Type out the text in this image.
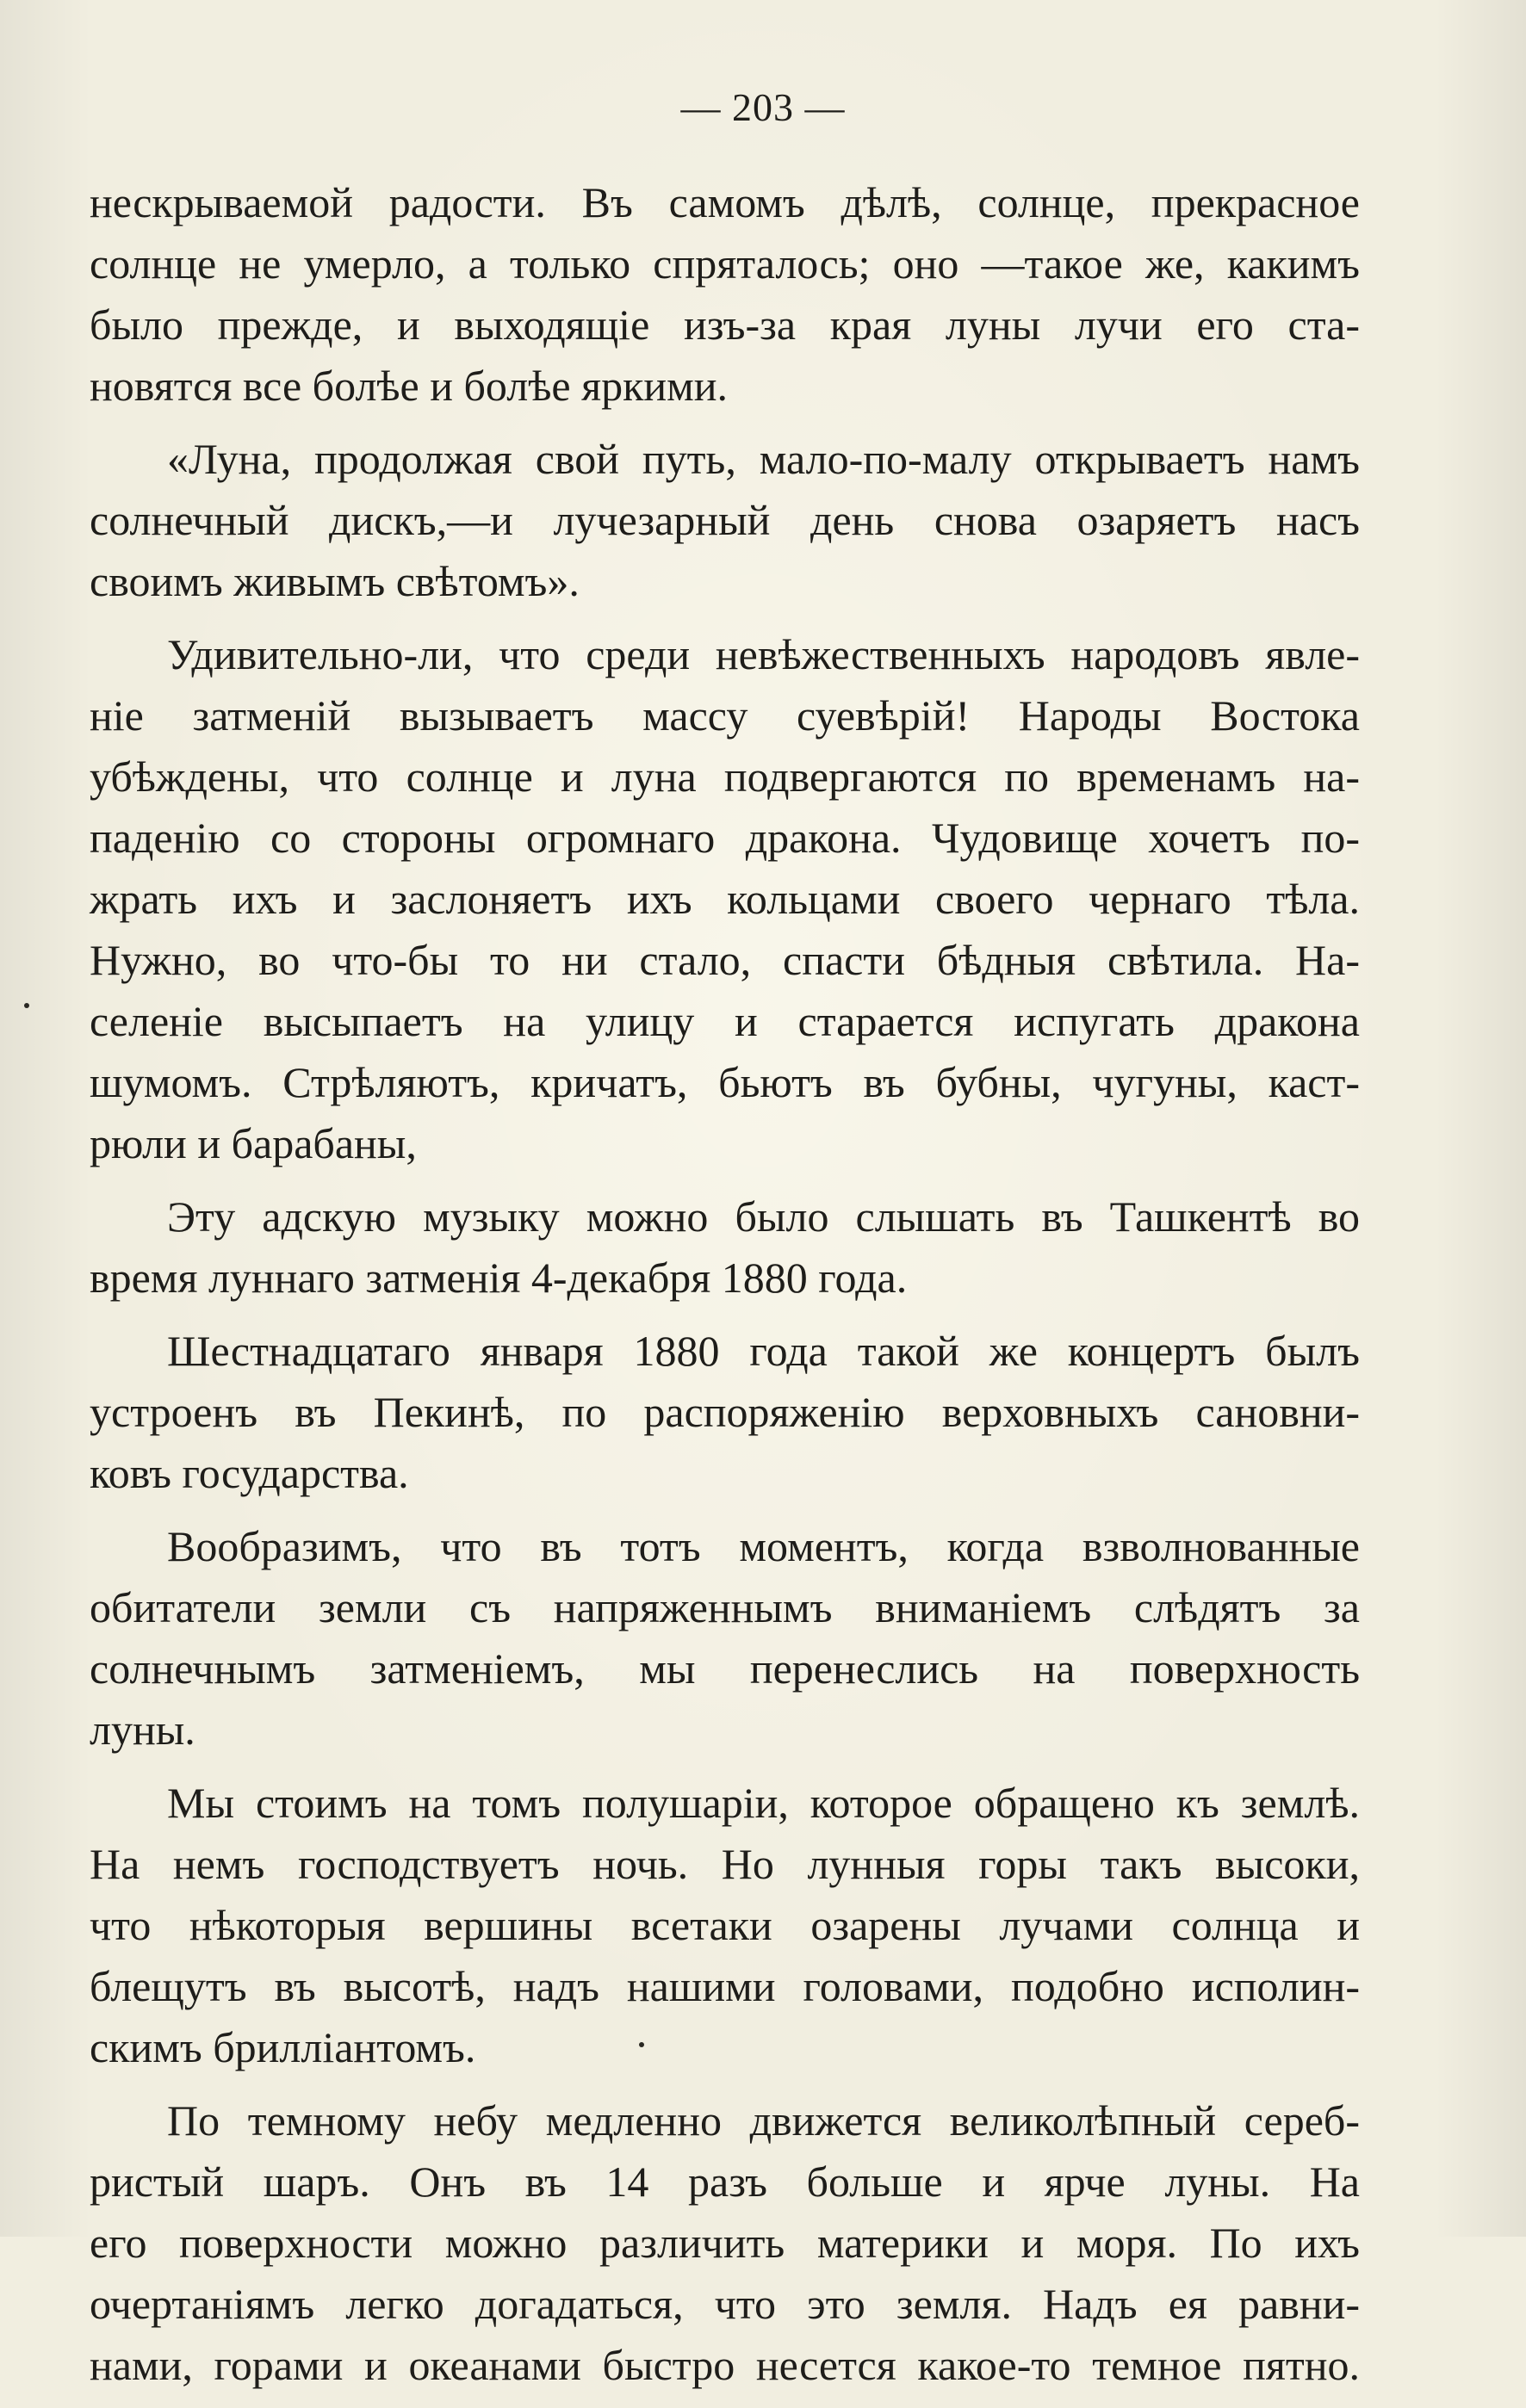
— 203 —
нескрываемой радости. Въ самомъ дѣлѣ, солнце, прекрасное
солнце не умерло, а только спряталось; оно —такое же, какимъ
было прежде, и выходящіе изъ-за края луны лучи его ста-
новятся все болѣе и болѣе яркими.
«Луна, продолжая свой путь, мало-по-малу открываетъ намъ
солнечный дискъ,—и лучезарный день снова озаряетъ насъ
своимъ живымъ свѣтомъ».
Удивительно-ли, что среди невѣжественныхъ народовъ явле-
ніе затменій вызываетъ массу суевѣрій! Народы Востока
убѣждены, что солнце и луна подвергаются по временамъ на-
паденію со стороны огромнаго дракона. Чудовище хочетъ по-
жрать ихъ и заслоняетъ ихъ кольцами своего чернаго тѣла.
Нужно, во что-бы то ни стало, спасти бѣдныя свѣтила. На-
селеніе высыпаетъ на улицу и старается испугать дракона
шумомъ. Стрѣляютъ, кричатъ, бьютъ въ бубны, чугуны, каст-
рюли и барабаны,
Эту адскую музыку можно было слышать въ Ташкентѣ во
время луннаго затменія 4-декабря 1880 года.
Шестнадцатаго января 1880 года такой же концертъ былъ
устроенъ въ Пекинѣ, по распоряженію верховныхъ сановни-
ковъ государства.
Вообразимъ, что въ тотъ моментъ, когда взволнованные
обитатели земли съ напряженнымъ вниманіемъ слѣдятъ за
солнечнымъ затменіемъ, мы перенеслись на поверхность
луны.
Мы стоимъ на томъ полушаріи, которое обращено къ землѣ.
На немъ господствуетъ ночь. Но лунныя горы такъ высоки,
что нѣкоторыя вершины всетаки озарены лучами солнца и
блещутъ въ высотѣ, надъ нашими головами, подобно исполин-
скимъ брилліантомъ.
По темному небу медленно движется великолѣпный сереб-
ристый шаръ. Онъ въ 14 разъ больше и ярче луны. На
его поверхности можно различить материки и моря. По ихъ
очертаніямъ легко догадаться, что это земля. Надъ ея равни-
нами, горами и океанами быстро несется какое-то темное пятно.
